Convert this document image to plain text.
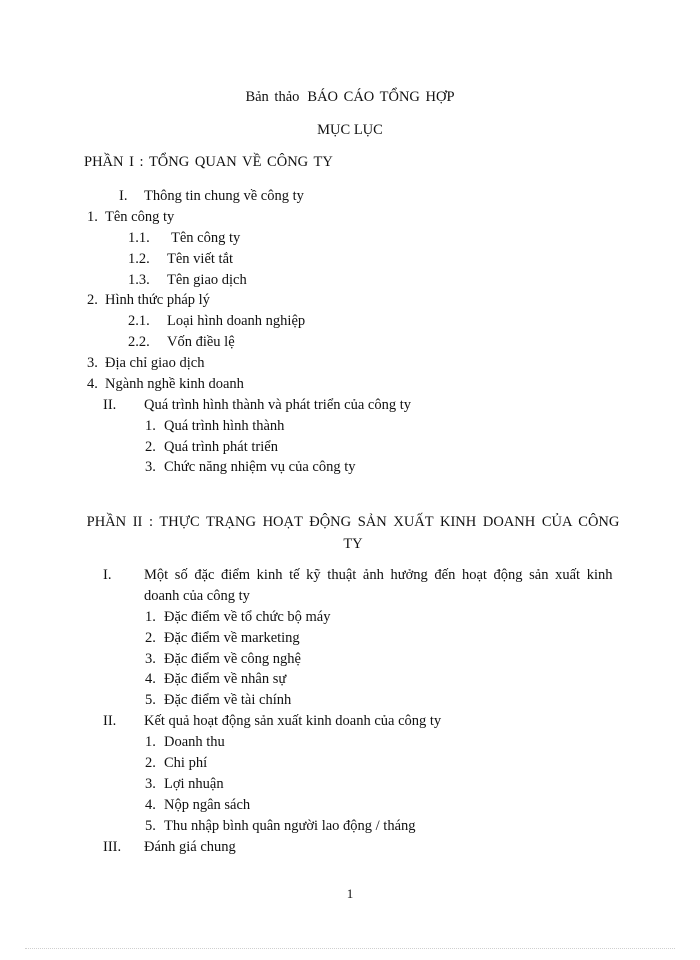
Bản thảo BÁO CÁO TỔNG HỢP
MỤC LỤC
PHẦN I : TỔNG QUAN VỀ CÔNG TY
I. Thông tin chung về công ty
1. Tên công ty
1.1. Tên công ty
1.2. Tên viết tắt
1.3. Tên giao dịch
2. Hình thức pháp lý
2.1. Loại hình doanh nghiệp
2.2. Vốn điều lệ
3. Địa chỉ giao dịch
4. Ngành nghề kinh doanh
II. Quá trình hình thành và phát triển của công ty
1. Quá trình hình thành
2. Quá trình phát triển
3. Chức năng nhiệm vụ của công ty
PHẦN II : THỰC TRẠNG HOẠT ĐỘNG SẢN XUẤT KINH DOANH CỦA CÔNG TY
I. Một số đặc điểm kinh tế kỹ thuật ảnh hưởng đến hoạt động sản xuất kinh
doanh của công ty
1. Đặc điểm về tổ chức bộ máy
2. Đặc điểm về marketing
3. Đặc điểm về công nghệ
4. Đặc điểm về nhân sự
5. Đặc điểm về tài chính
II. Kết quả hoạt động sản xuất kinh doanh của công ty
1. Doanh thu
2. Chi phí
3. Lợi nhuận
4. Nộp ngân sách
5. Thu nhập bình quân người lao động / tháng
III. Đánh giá chung
1
